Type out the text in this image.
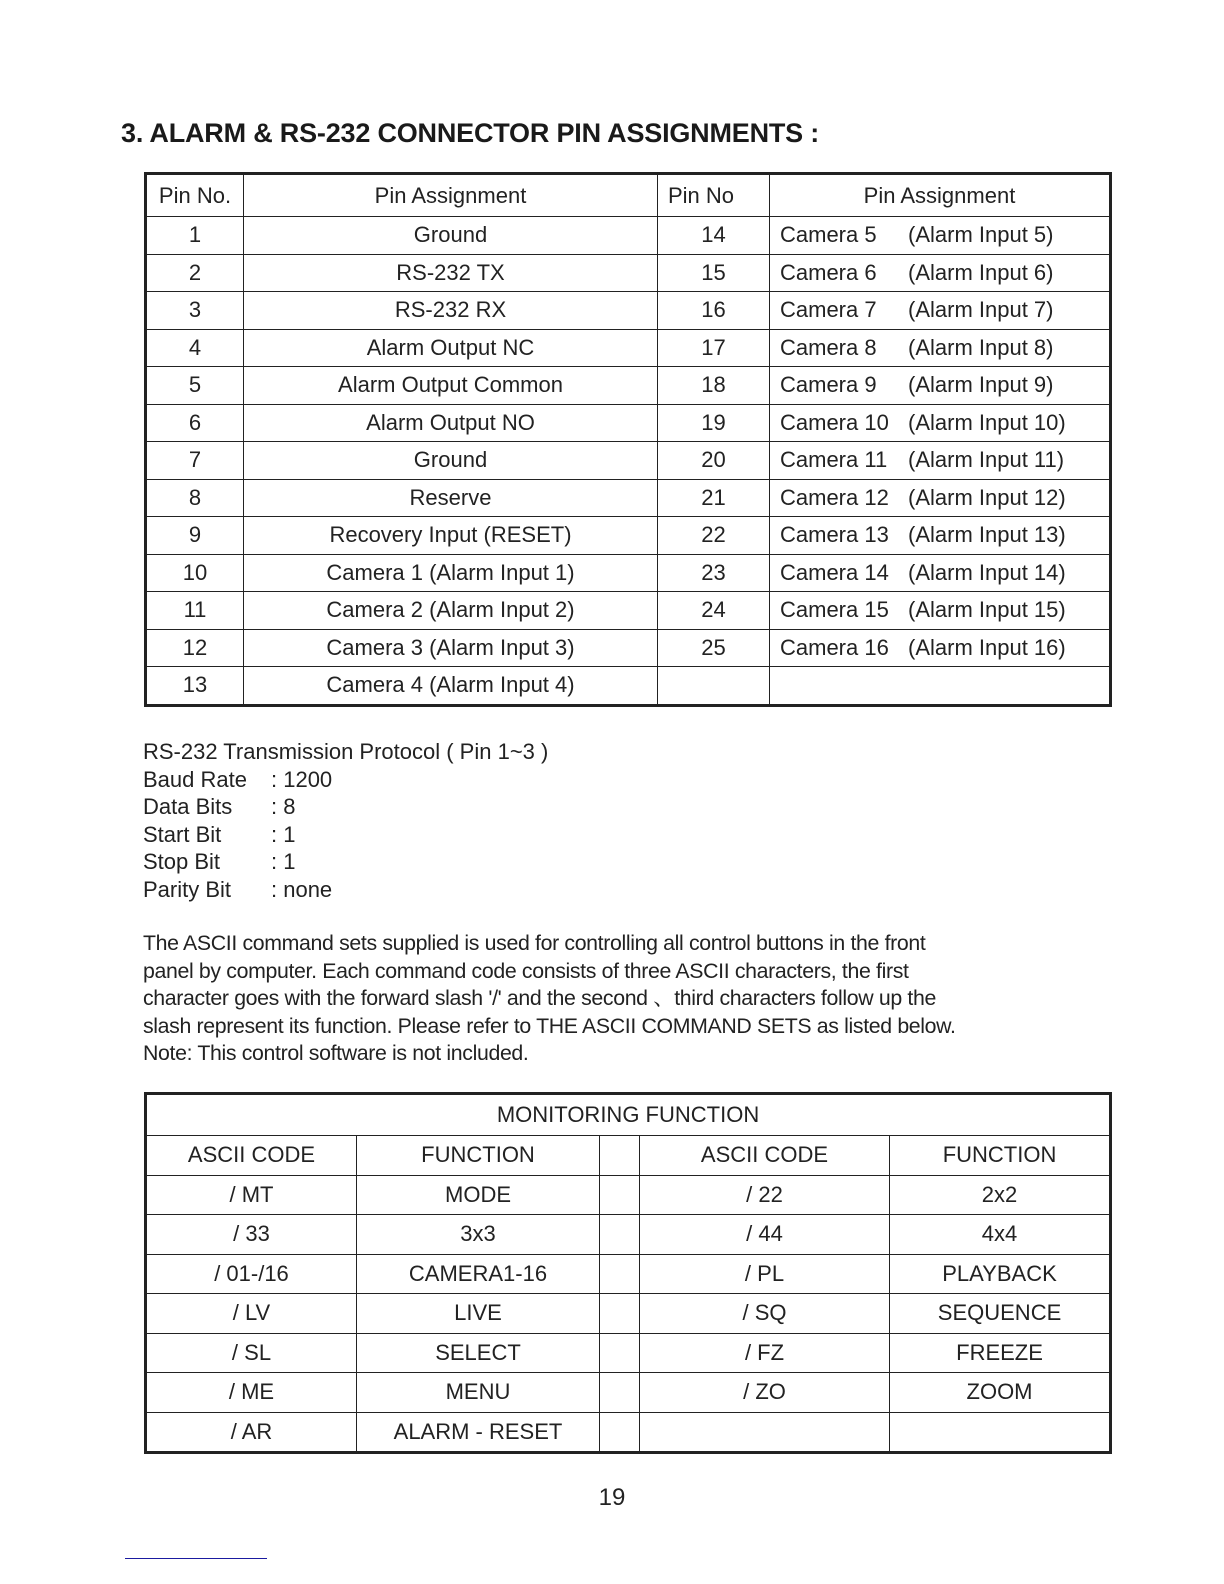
3. ALARM & RS-232 CONNECTOR PIN ASSIGNMENTS :
Pin No.	Pin Assignment	Pin No	Pin Assignment
1	Ground	14	Camera 5 (Alarm Input 5)
2	RS-232 TX	15	Camera 6 (Alarm Input 6)
3	RS-232 RX	16	Camera 7 (Alarm Input 7)
4	Alarm Output NC	17	Camera 8 (Alarm Input 8)
5	Alarm Output Common	18	Camera 9 (Alarm Input 9)
6	Alarm Output NO	19	Camera 10 (Alarm Input 10)
7	Ground	20	Camera 11 (Alarm Input 11)
8	Reserve	21	Camera 12 (Alarm Input 12)
9	Recovery Input (RESET)	22	Camera 13 (Alarm Input 13)
10	Camera 1 (Alarm Input 1)	23	Camera 14 (Alarm Input 14)
11	Camera 2 (Alarm Input 2)	24	Camera 15 (Alarm Input 15)
12	Camera 3 (Alarm Input 3)	25	Camera 16 (Alarm Input 16)
13	Camera 4 (Alarm Input 4)		
RS-232 Transmission Protocol ( Pin 1~3 )
Baud Rate	: 1200
Data Bits	: 8
Start Bit	: 1
Stop Bit	: 1
Parity Bit	: none

The ASCII command sets supplied is used for controlling all control buttons in the front

panel by computer. Each command code consists of three ASCII characters, the first

character goes with the forward slash '/' and the second 、third characters follow up the

slash represent its function. Please refer to THE ASCII COMMAND SETS as listed below.

Note: This control software is not included.

MONITORING FUNCTION				
ASCII CODE	FUNCTION		ASCII CODE	FUNCTION
/ MT	MODE		/ 22	2x2
/ 33	3x3		/ 44	4x4
/ 01-/16	CAMERA1-16		/ PL	PLAYBACK
/ LV	LIVE		/ SQ	SEQUENCE
/ SL	SELECT		/ FZ	FREEZE
/ ME	MENU		/ ZO	ZOOM
/ AR	ALARM - RESET			
19
